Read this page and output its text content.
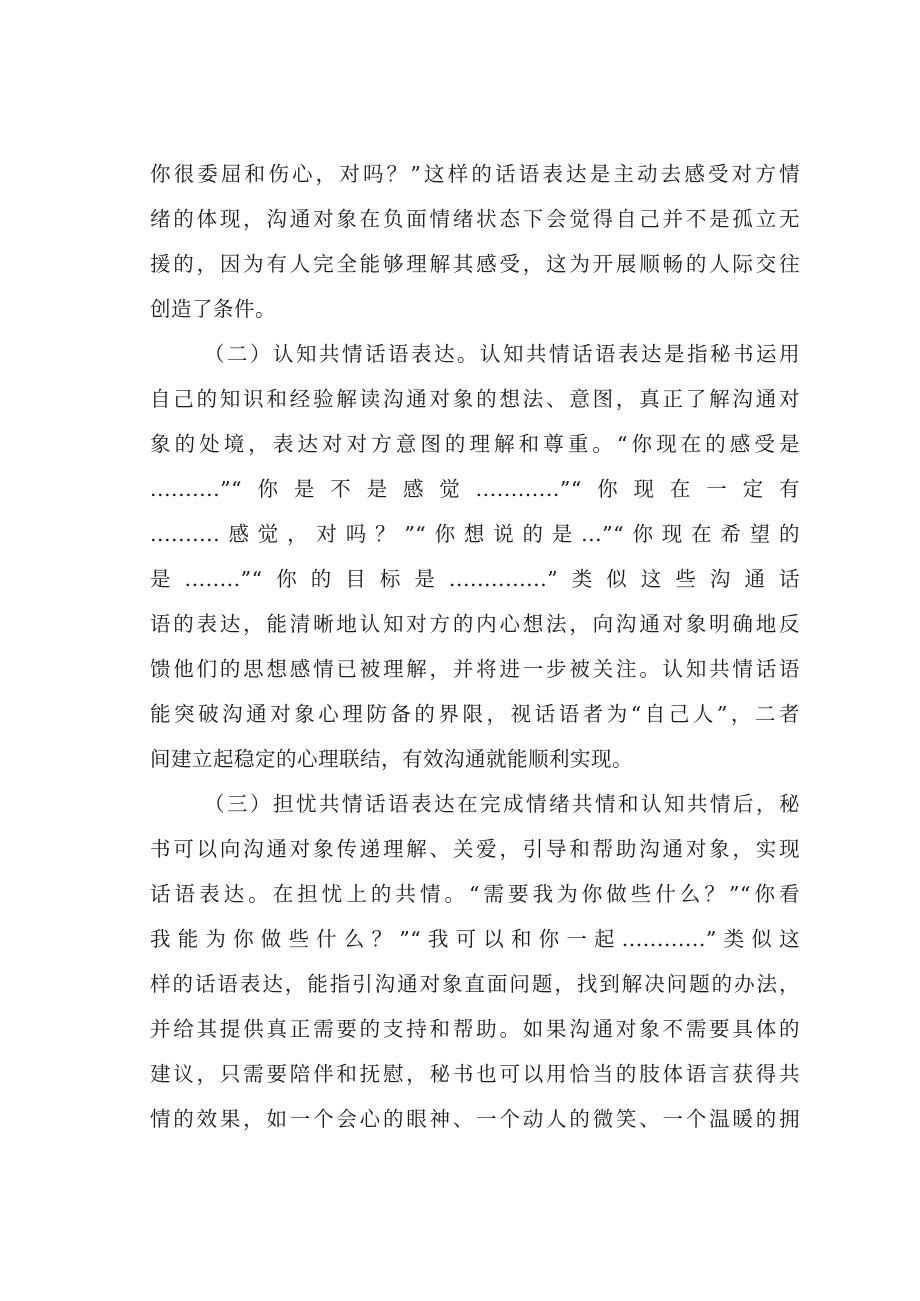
你很委屈和伤心，对吗？”这样的话语表达是主动去感受对方情
绪的体现，沟通对象在负面情绪状态下会觉得自己并不是孤立无
援的，因为有人完全能够理解其感受，这为开展顺畅的人际交往
创造了条件。
（二）认知共情话语表达。认知共情话语表达是指秘书运用
自己的知识和经验解读沟通对象的想法、意图，真正了解沟通对
象的处境，表达对对方意图的理解和尊重。“你现在的感受是
..........”“你是不是感觉............”“你现在一定有
..........感觉，对吗？”“你想说的是...”“你现在希望的
是........”“你的目标是..............”类似这些沟通话
语的表达，能清晰地认知对方的内心想法，向沟通对象明确地反
馈他们的思想感情已被理解，并将进一步被关注。认知共情话语
能突破沟通对象心理防备的界限，视话语者为“自己人”，二者
间建立起稳定的心理联结，有效沟通就能顺利实现。
（三）担忧共情话语表达在完成情绪共情和认知共情后，秘
书可以向沟通对象传递理解、关爱，引导和帮助沟通对象，实现
话语表达。在担忧上的共情。“需要我为你做些什么？”“你看
我能为你做些什么？”“我可以和你一起............”类似这
样的话语表达，能指引沟通对象直面问题，找到解决问题的办法，
并给其提供真正需要的支持和帮助。如果沟通对象不需要具体的
建议，只需要陪伴和抚慰，秘书也可以用恰当的肢体语言获得共
情的效果，如一个会心的眼神、一个动人的微笑、一个温暖的拥
